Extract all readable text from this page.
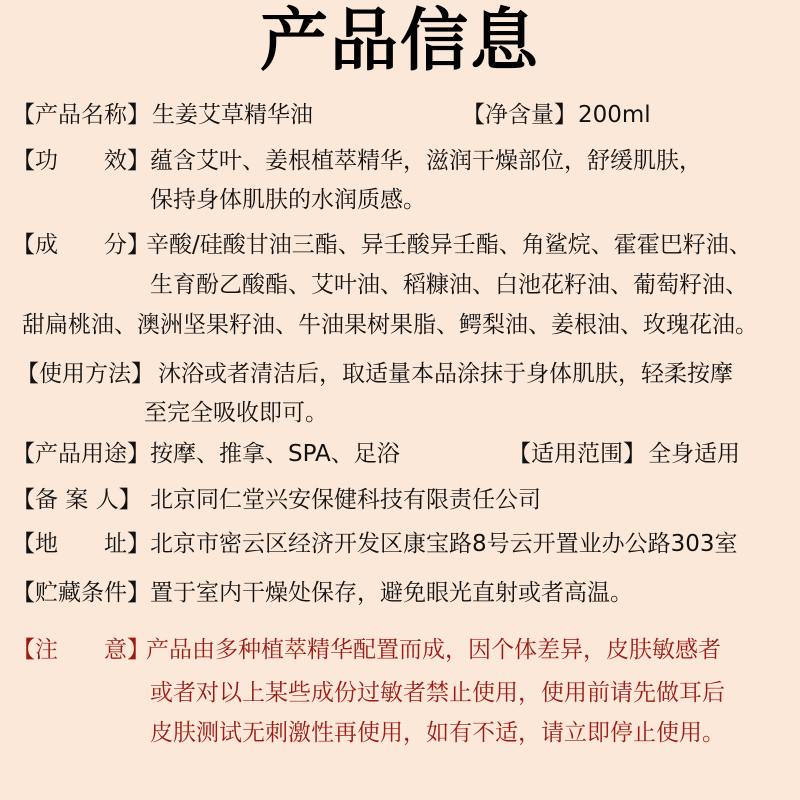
产品信息
【产品名称】 生姜艾草精华油	【净含量】 200ml
【功　　效】 蕴含艾叶、姜根植萃精华，滋润干燥部位，舒缓肌肤，
保持身体肌肤的水润质感。
【成　　分】
辛酸/硅酸甘油三酯、异壬酸异壬酯、角鲨烷、霍霍巴籽油、
生育酚乙酸酯、艾叶油、稻糠油、白池花籽油、葡萄籽油、
甜扁桃油、澳洲坚果籽油、牛油果树果脂、鳄梨油、姜根油、玫瑰花油。
【使用方法】 沐浴或者清洁后，取适量本品涂抹于身体肌肤，轻柔按摩
至完全吸收即可。
【产品用途】 按摩、推拿、SPA、足浴	【适用范围】 全身适用
【备 案 人】 北京同仁堂兴安保健科技有限责任公司
【地　　址】 北京市密云区经济开发区康宝路8号云开置业办公路303室
【贮藏条件】 置于室内干燥处保存，避免眼光直射或者高温。
【注　　意】
产品由多种植萃精华配置而成，因个体差异，皮肤敏感者
或者对以上某些成份过敏者禁止使用，使用前请先做耳后
皮肤测试无刺激性再使用，如有不适，请立即停止使用。
